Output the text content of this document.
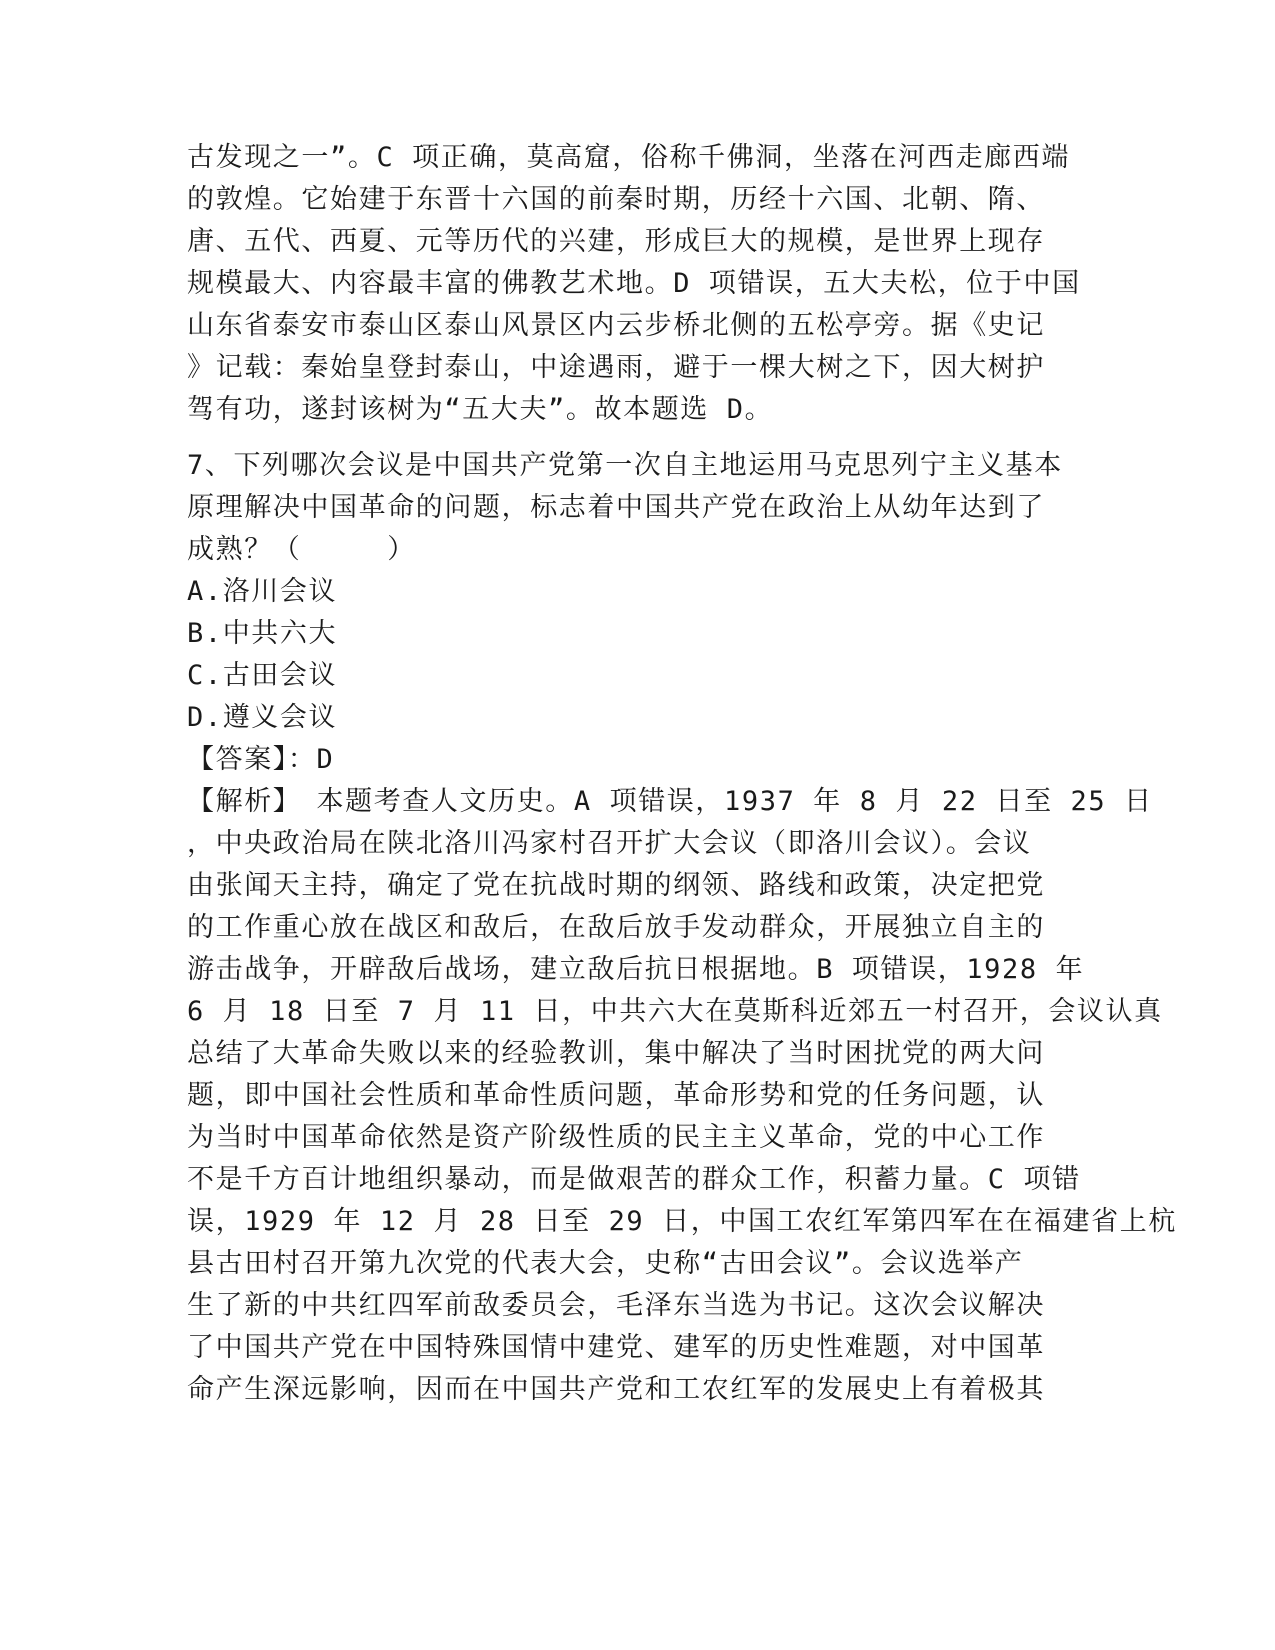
古发现之一”。C 项正确，莫高窟，俗称千佛洞，坐落在河西走廊西端
的敦煌。它始建于东晋十六国的前秦时期，历经十六国、北朝、隋、
唐、五代、西夏、元等历代的兴建，形成巨大的规模，是世界上现存
规模最大、内容最丰富的佛教艺术地。D 项错误，五大夫松，位于中国
山东省泰安市泰山区泰山风景区内云步桥北侧的五松亭旁。据《史记
》记载：秦始皇登封泰山，中途遇雨，避于一棵大树之下，因大树护
驾有功，遂封该树为“五大夫”。故本题选 D。
7、下列哪次会议是中国共产党第一次自主地运用马克思列宁主义基本
原理解决中国革命的问题，标志着中国共产党在政治上从幼年达到了
成熟？（　　　）
A.洛川会议
B.中共六大
C.古田会议
D.遵义会议
【答案】：D
【解析】　本题考查人文历史。A 项错误，1937 年 8 月 22 日至 25 日
，中央政治局在陕北洛川冯家村召开扩大会议（即洛川会议）。会议
由张闻天主持，确定了党在抗战时期的纲领、路线和政策，决定把党
的工作重心放在战区和敌后，在敌后放手发动群众，开展独立自主的
游击战争，开辟敌后战场，建立敌后抗日根据地。B 项错误，1928 年
6 月 18 日至 7 月 11 日，中共六大在莫斯科近郊五一村召开，会议认真
总结了大革命失败以来的经验教训，集中解决了当时困扰党的两大问
题，即中国社会性质和革命性质问题，革命形势和党的任务问题，认
为当时中国革命依然是资产阶级性质的民主主义革命，党的中心工作
不是千方百计地组织暴动，而是做艰苦的群众工作，积蓄力量。C 项错
误，1929 年 12 月 28 日至 29 日，中国工农红军第四军在在福建省上杭
县古田村召开第九次党的代表大会，史称“古田会议”。会议选举产
生了新的中共红四军前敌委员会，毛泽东当选为书记。这次会议解决
了中国共产党在中国特殊国情中建党、建军的历史性难题，对中国革
命产生深远影响，因而在中国共产党和工农红军的发展史上有着极其
